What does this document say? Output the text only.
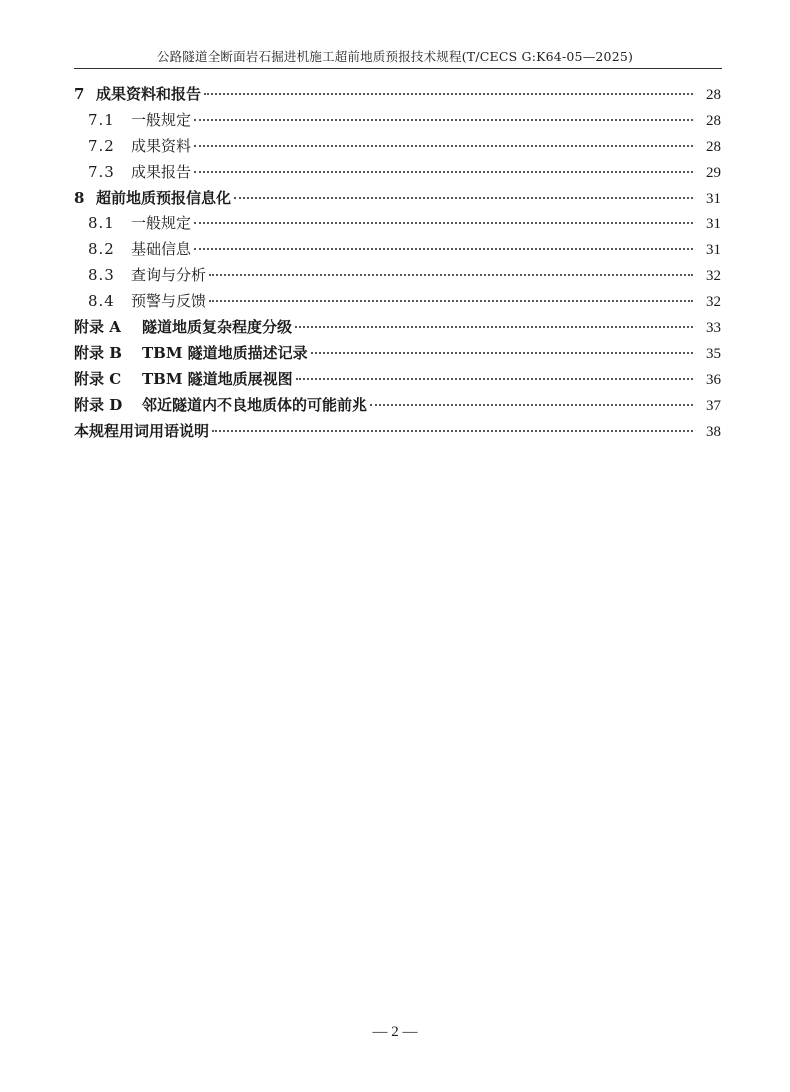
公路隧道全断面岩石掘进机施工超前地质预报技术规程(T/CECS G:K64-05—2025)
7 成果资料和报告	28
7.1	一般规定	28
7.2	成果资料	28
7.3	成果报告	29
8 超前地质预报信息化	31
8.1	一般规定	31
8.2	基础信息	31
8.3	查询与分析	32
8.4	预警与反馈	32
附录 A	隧道地质复杂程度分级	33
附录 B	TBM 隧道地质描述记录	35
附录 C	TBM 隧道地质展视图	36
附录 D	邻近隧道内不良地质体的可能前兆	37
本规程用词用语说明	38
— 2 —
